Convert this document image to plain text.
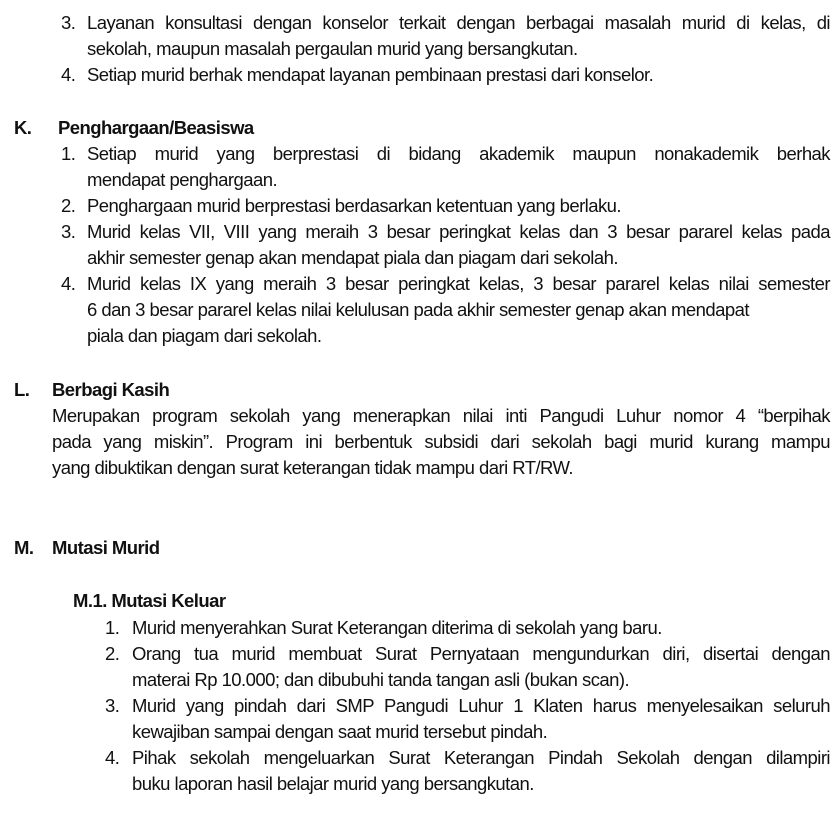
3. Layanan konsultasi dengan konselor terkait dengan berbagai masalah murid di kelas, di
sekolah, maupun masalah pergaulan murid yang bersangkutan.
4. Setiap murid berhak mendapat layanan pembinaan prestasi dari konselor.
K. Penghargaan/Beasiswa
1. Setiap murid yang berprestasi di bidang akademik maupun nonakademik berhak
mendapat penghargaan.
2. Penghargaan murid berprestasi berdasarkan ketentuan yang berlaku.
3. Murid kelas VII, VIII yang meraih 3 besar peringkat kelas dan 3 besar pararel kelas pada
akhir semester genap akan mendapat piala dan piagam dari sekolah.
4. Murid kelas IX yang meraih 3 besar peringkat kelas, 3 besar pararel kelas nilai semester
6 dan 3 besar pararel kelas nilai kelulusan pada akhir semester genap akan mendapat
piala dan piagam dari sekolah.
L. Berbagi Kasih
Merupakan program sekolah yang menerapkan nilai inti Pangudi Luhur nomor 4 “berpihak
pada yang miskin”. Program ini berbentuk subsidi dari sekolah bagi murid kurang mampu
yang dibuktikan dengan surat keterangan tidak mampu dari RT/RW.
M. Mutasi Murid
M.1. Mutasi Keluar
1. Murid menyerahkan Surat Keterangan diterima di sekolah yang baru.
2. Orang tua murid membuat Surat Pernyataan mengundurkan diri, disertai dengan
materai Rp 10.000; dan dibubuhi tanda tangan asli (bukan scan).
3. Murid yang pindah dari SMP Pangudi Luhur 1 Klaten harus menyelesaikan seluruh
kewajiban sampai dengan saat murid tersebut pindah.
4. Pihak sekolah mengeluarkan Surat Keterangan Pindah Sekolah dengan dilampiri
buku laporan hasil belajar murid yang bersangkutan.
